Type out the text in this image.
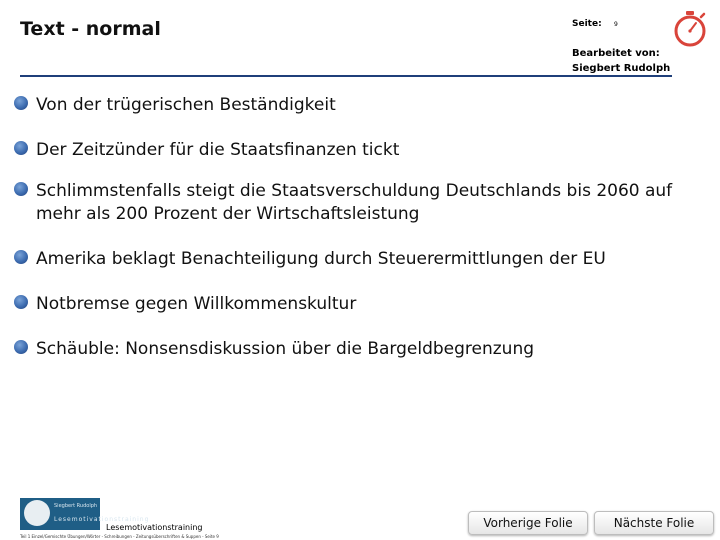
Text - normal	Seite: 9
Bearbeitet von:
Siegbert Rudolph
Von der trügerischen Beständigkeit
Der Zeitzünder für die Staatsfinanzen tickt
Schlimmstenfalls steigt die Staatsverschuldung Deutschlands bis 2060 auf mehr als 200 Prozent der Wirtschaftsleistung
Amerika beklagt Benachteiligung durch Steuerermittlungen der EU
Notbremse gegen Willkommenskultur
Schäuble: Nonsensdiskussion über die Bargeldbegrenzung
Siegbert Rudolph
Lesemotivationstraining
Lesemotivationstraining
Teil 1 Einzel/Gemischte Übungen/Wörter - Schreibungen - Zeitungsüberschriften & Suppen - Seite 9
Vorherige Folie	Nächste Folie
